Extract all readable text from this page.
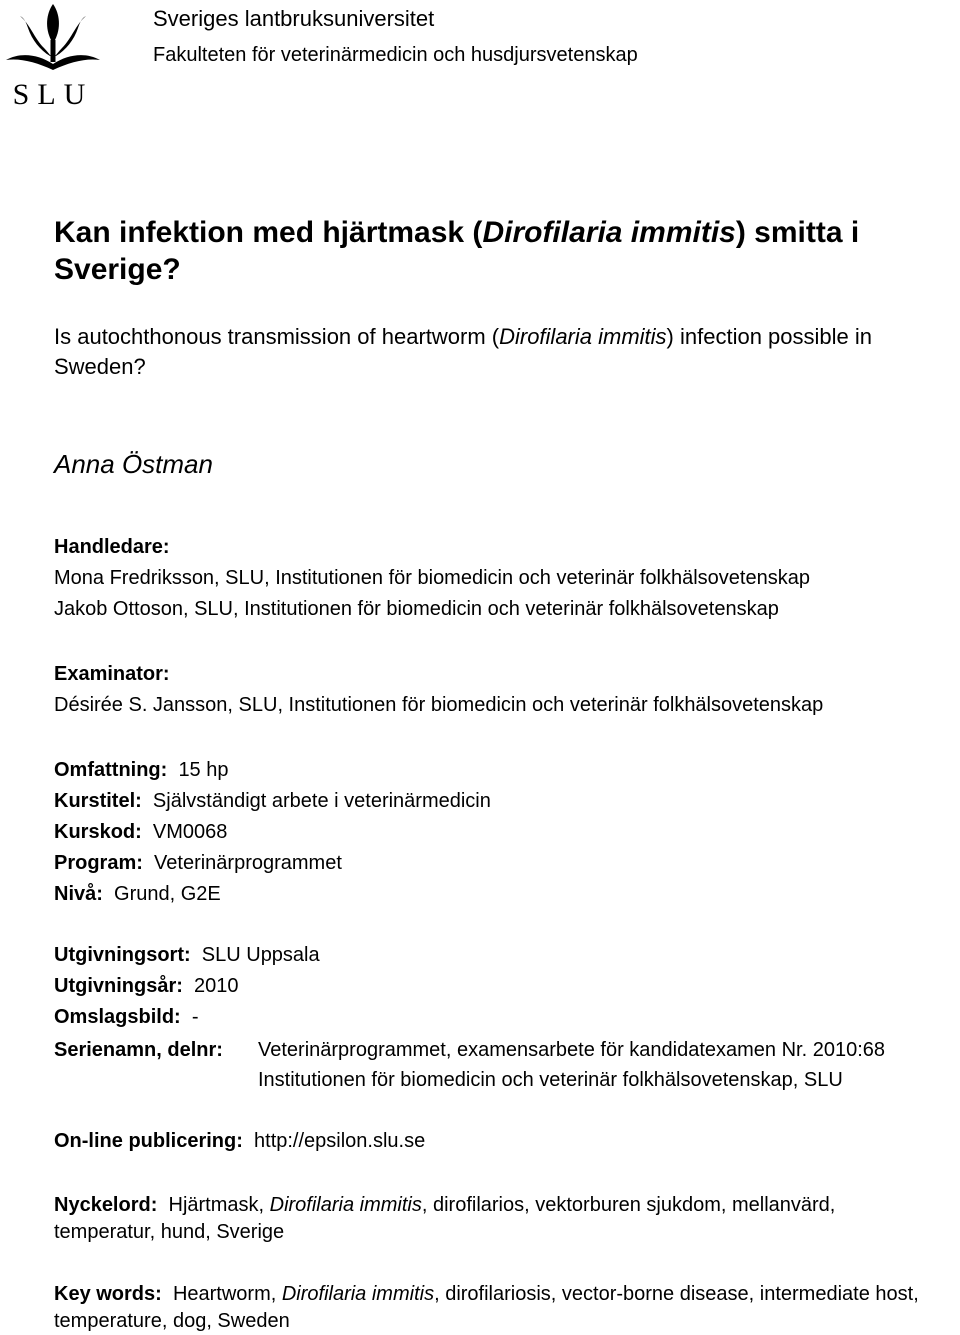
SLU
Sveriges lantbruksuniversitet
Fakulteten för veterinärmedicin och husdjursvetenskap
Kan infektion med hjärtmask (Dirofilaria immitis) smitta i Sverige?
Is autochthonous transmission of heartworm (Dirofilaria immitis) infection possible in Sweden?
Anna Östman
Handledare:
Mona Fredriksson, SLU, Institutionen för biomedicin och veterinär folkhälsovetenskap
Jakob Ottoson, SLU, Institutionen för biomedicin och veterinär folkhälsovetenskap
Examinator:
Désirée S. Jansson, SLU, Institutionen för biomedicin och veterinär folkhälsovetenskap
Omfattning: 15 hp
Kurstitel: Självständigt arbete i veterinärmedicin
Kurskod: VM0068
Program: Veterinärprogrammet
Nivå: Grund, G2E
Utgivningsort: SLU Uppsala
Utgivningsår: 2010
Omslagsbild: -
Serienamn, delnr: Veterinärprogrammet, examensarbete för kandidatexamen Nr. 2010:68
Institutionen för biomedicin och veterinär folkhälsovetenskap, SLU
On-line publicering: http://epsilon.slu.se
Nyckelord: Hjärtmask, Dirofilaria immitis, dirofilarios, vektorburen sjukdom, mellanvärd, temperatur, hund, Sverige
Key words: Heartworm, Dirofilaria immitis, dirofilariosis, vector-borne disease, intermediate host, temperature, dog, Sweden
